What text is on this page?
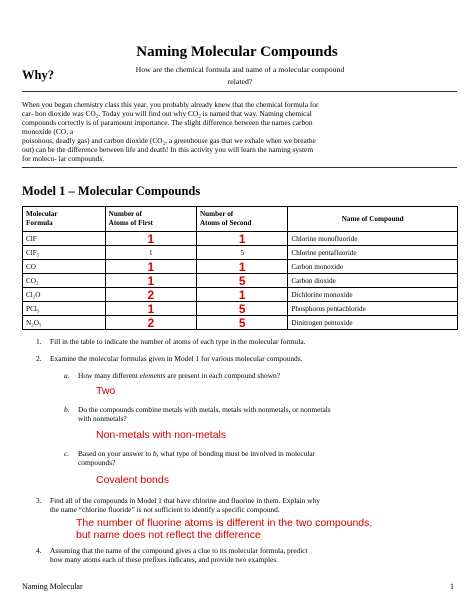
Naming Molecular Compounds
Why?	How are the chemical formula and name of a molecular compound
related?

When you began chemistry class this year, you probably already knew that the chemical formula for

car- bon dioxide was CO₂. Today you will find out why CO₂ is named that way. Naming chemical

compounds correctly is of paramount importance. The slight difference between the names carbon

monoxide (CO, a

poisonous, deadly gas) and carbon dioxide (CO₂, a greenhouse gas that we exhale when we breathe

out) can be the difference between life and death! In this activity you will learn the naming system

for molecu- lar compounds.

Model 1 – Molecular Compounds
Molecular
Formula	Number of
Atoms of First	Number of
Atoms of Second	Name of Compound
ClF	1	1	Chlorine monofluoride
ClF₅	1	5	Chlorine pentafluoride
CO	1	1	Carbon monoxide
CO₂	1	5	Carbon dioxide
Cl₂O	2	1	Dichlorine monoxide
PCl₅	1	5	Phosphorus pentachloride
N₂O₅	2	5	Dinitrogen pentoxide
1. Fill in the table to indicate the number of atoms of each type in the molecular formula.
2. Examine the molecular formulas given in Model 1 for various molecular compounds.
a. How many different elements are present in each compound shown?
Two
b. Do the compounds combine metals with metals, metals with nonmetals, or nonmetals
with nonmetals?
Non-metals with non-metals
c. Based on your answer to b, what type of bonding must be involved in molecular
compounds?
Covalent bonds
3. Find all of the compounds in Model 1 that have chlorine and fluorine in them. Explain why
the name “chlorine fluoride” is not sufficient to identify a specific compound.
The number of fluorine atoms is different in the two compounds,
but name does not reflect the difference
4. Assuming that the name of the compound gives a clue to its molecular formula, predict
how many atoms each of these prefixes indicates, and provide two examples.
Naming Molecular	1
